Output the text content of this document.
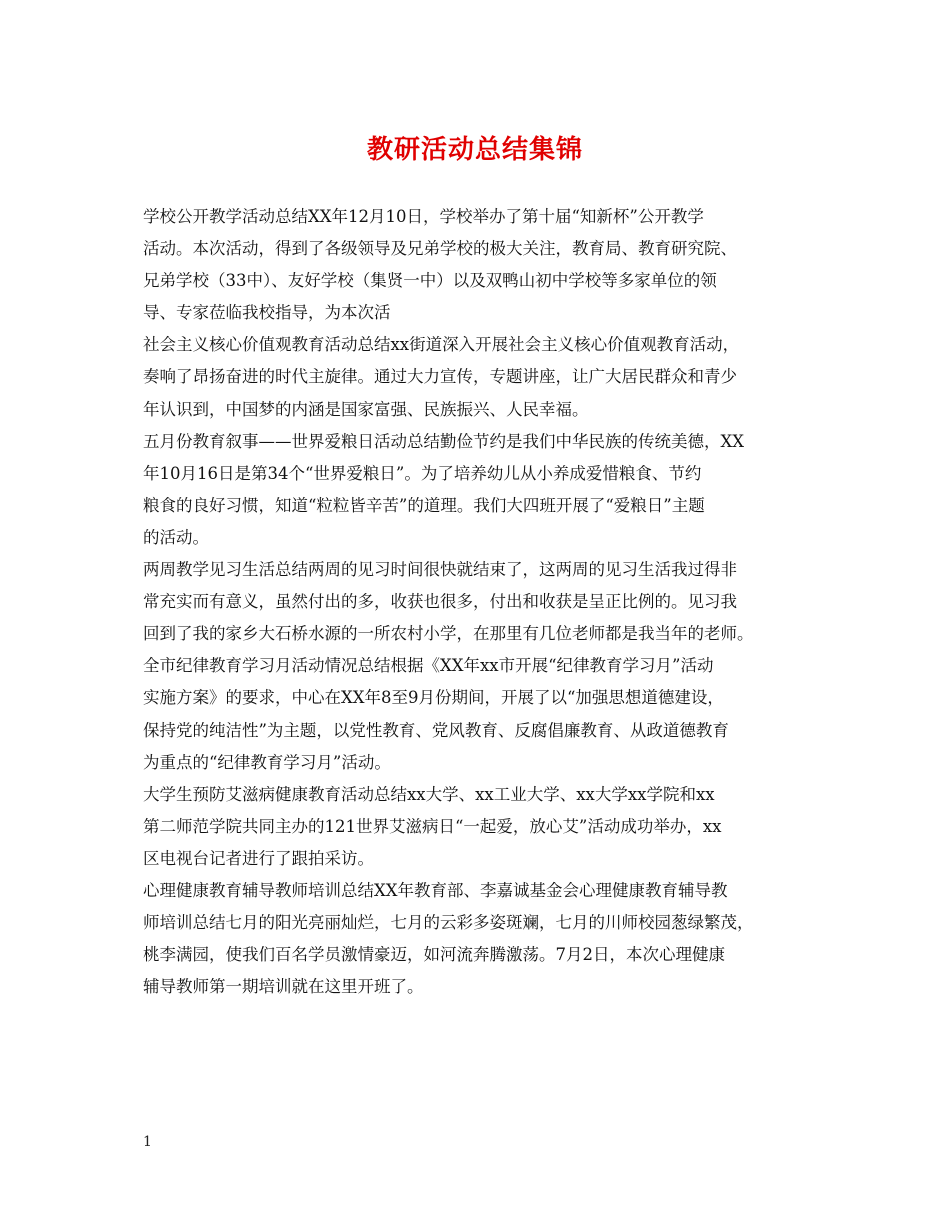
教研活动总结集锦
学校公开教学活动总结XX年12月10日，学校举办了第十届“知新杯”公开教学
活动。本次活动，得到了各级领导及兄弟学校的极大关注，教育局、教育研究院、
兄弟学校（33中）、友好学校（集贤一中）以及双鸭山初中学校等多家单位的领
导、专家莅临我校指导，为本次活
社会主义核心价值观教育活动总结xx街道深入开展社会主义核心价值观教育活动，
奏响了昂扬奋进的时代主旋律。通过大力宣传，专题讲座，让广大居民群众和青少
年认识到，中国梦的内涵是国家富强、民族振兴、人民幸福。
五月份教育叙事——世界爱粮日活动总结勤俭节约是我们中华民族的传统美德，XX
年10月16日是第34个“世界爱粮日”。为了培养幼儿从小养成爱惜粮食、节约
粮食的良好习惯，知道“粒粒皆辛苦”的道理。我们大四班开展了“爱粮日”主题
的活动。
两周教学见习生活总结两周的见习时间很快就结束了，这两周的见习生活我过得非
常充实而有意义，虽然付出的多，收获也很多，付出和收获是呈正比例的。见习我
回到了我的家乡大石桥水源的一所农村小学，在那里有几位老师都是我当年的老师。
全市纪律教育学习月活动情况总结根据《XX年xx市开展“纪律教育学习月”活动
实施方案》的要求，中心在XX年8至9月份期间，开展了以“加强思想道德建设，
保持党的纯洁性”为主题，以党性教育、党风教育、反腐倡廉教育、从政道德教育
为重点的“纪律教育学习月”活动。
大学生预防艾滋病健康教育活动总结xx大学、xx工业大学、xx大学xx学院和xx
第二师范学院共同主办的121世界艾滋病日“一起爱，放心艾”活动成功举办，xx
区电视台记者进行了跟拍采访。
心理健康教育辅导教师培训总结XX年教育部、李嘉诚基金会心理健康教育辅导教
师培训总结七月的阳光亮丽灿烂，七月的云彩多姿斑斓，七月的川师校园葱绿繁茂，
桃李满园，使我们百名学员激情豪迈，如河流奔腾激荡。7月2日，本次心理健康
辅导教师第一期培训就在这里开班了。
1
